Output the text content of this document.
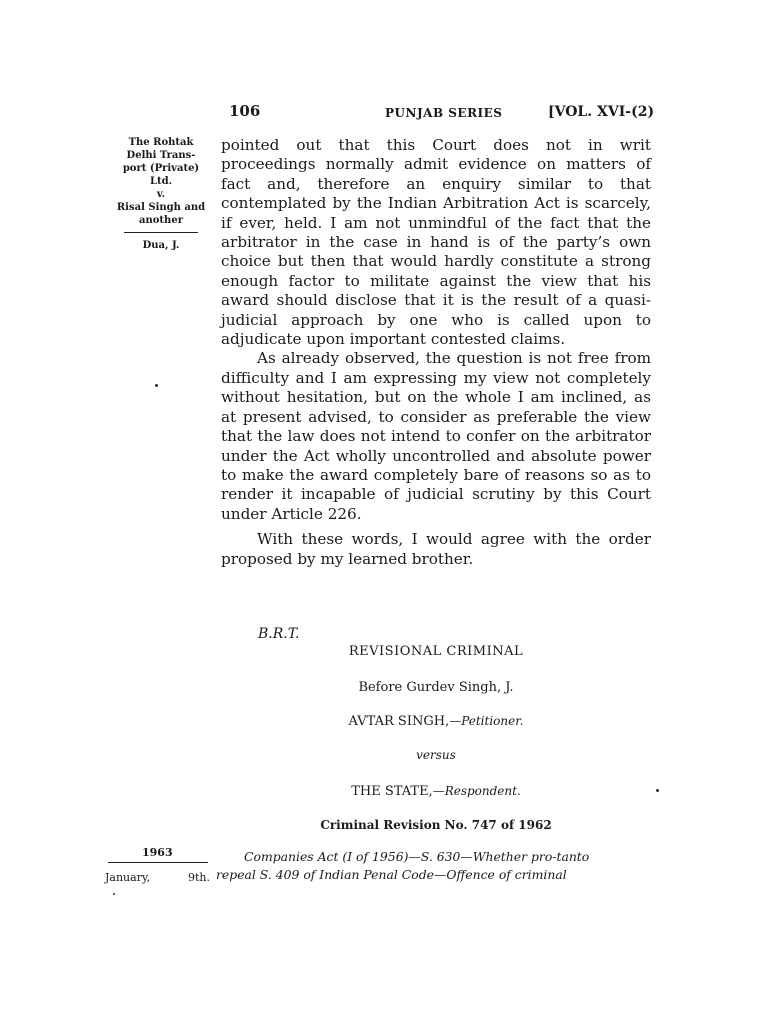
106	PUNJAB SERIES	[VOL. XVI-(2)
The Rohtak
Delhi Trans-
port (Private)
Ltd.
v.
Risal Singh and
another
Dua, J.

pointed out that this Court does not in writ proceedings normally admit evidence on matters of fact and, therefore an enquiry similar to that contemplated by the Indian Arbitration Act is scarcely, if ever, held. I am not unmindful of the fact that the arbitrator in the case in hand is of the party’s own choice but then that would hardly constitute a strong enough factor to militate against the view that his award should disclose that it is the result of a quasi-judicial approach by one who is called upon to adjudicate upon important contested claims.

As already observed, the question is not free from difficulty and I am expressing my view not completely without hesitation, but on the whole I am inclined, as at present advised, to consider as preferable the view that the law does not intend to confer on the arbitrator under the Act wholly uncontrolled and absolute power to make the award completely bare of reasons so as to render it incapable of judicial scrutiny by this Court under Article 226.

With these words, I would agree with the order proposed by my learned brother.

B.R.T.
REVISIONAL CRIMINAL
Before Gurdev Singh, J.
AVTAR SINGH,—Petitioner.
versus
THE STATE,—Respondent.
Criminal Revision No. 747 of 1962
1963
January,	9th.
Companies Act (I of 1956)—S. 630—Whether pro-tanto
repeal S. 409 of Indian Penal Code—Offence of criminal
